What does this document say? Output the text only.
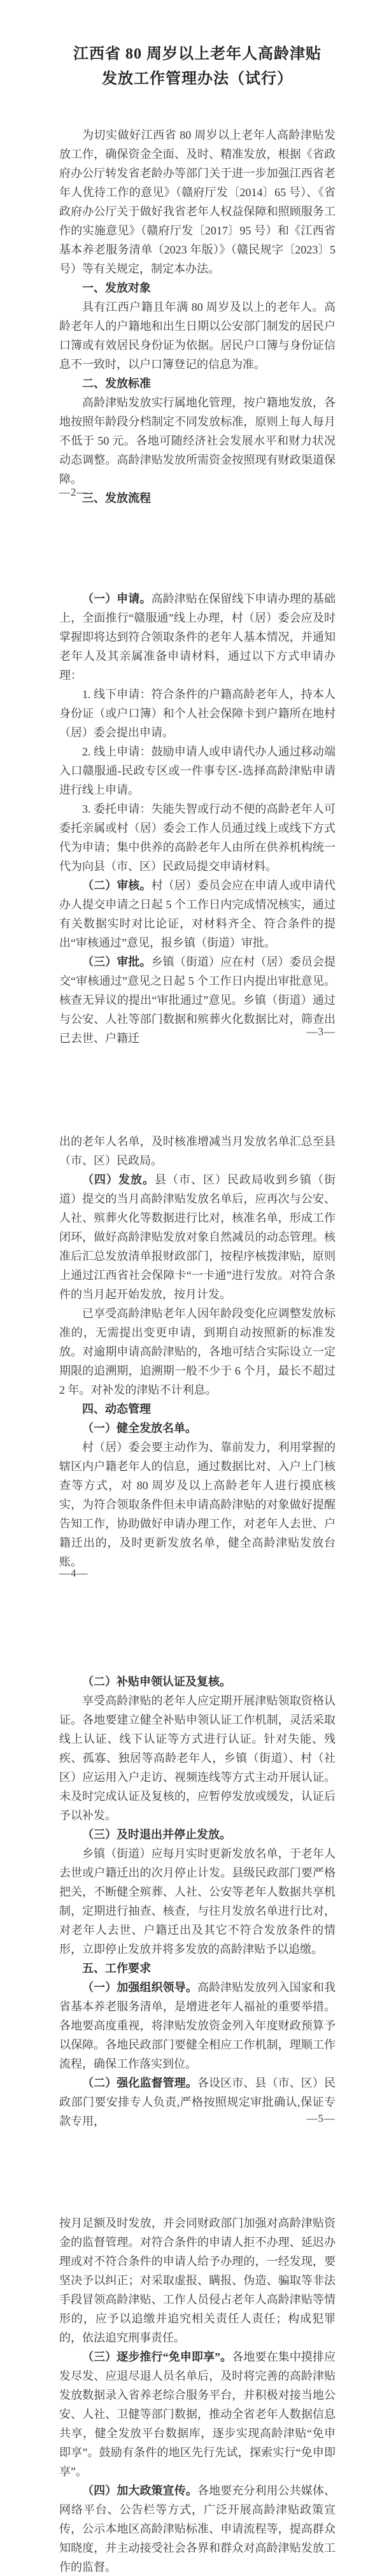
江西省 80 周岁以上老年人高龄津贴
发放工作管理办法（试行）

为切实做好江西省 80 周岁以上老年人高龄津贴发放工作，确保资金全面、及时、精准发放，根据《省政府办公厅转发省老龄办等部门关于进一步加强江西省老年人优待工作的意见》（赣府厅发〔2014〕65 号）、《省政府办公厅关于做好我省老年人权益保障和照顾服务工作的实施意见》（赣府厅发〔2017〕95 号）和《江西省基本养老服务清单（2023 年版）》（赣民规字〔2023〕5 号）等有关规定，制定本办法。

一、发放对象

具有江西户籍且年满 80 周岁及以上的老年人。高龄老年人的户籍地和出生日期以公安部门制发的居民户口簿或有效居民身份证为依据。居民户口簿与身份证信息不一致时，以户口簿登记的信息为准。

二、发放标准

高龄津贴发放实行属地化管理，按户籍地发放，各地按照年龄段分档制定不同发放标准，原则上每人每月不低于 50 元。各地可随经济社会发展水平和财力状况动态调整。高龄津贴发放所需资金按照现有财政渠道保障。

三、发放流程

—2—

（一）申请。高龄津贴在保留线下申请办理的基础上，全面推行“赣服通”线上办理，村（居）委会应及时掌握即将达到符合领取条件的老年人基本情况，并通知老年人及其亲属准备申请材料，通过以下方式申请办理：

1. 线下申请：符合条件的户籍高龄老年人，持本人身份证（或户口簿）和个人社会保障卡到户籍所在地村（居）委会提出申请。

2. 线上申请：鼓励申请人或申请代办人通过移动端入口赣服通-民政专区或一件事专区-选择高龄津贴申请进行线上申请。

3. 委托申请：失能失智或行动不便的高龄老年人可委托亲属或村（居）委会工作人员通过线上或线下方式代为申请；集中供养的高龄老年人由所在供养机构统一代为向县（市、区）民政局提交申请材料。

（二）审核。村（居）委员会应在申请人或申请代办人提交申请之日起 5 个工作日内完成情况核实，通过有关数据实时对比论证，对材料齐全、符合条件的提出“审核通过”意见，报乡镇（街道）审批。

（三）审批。乡镇（街道）应在村（居）委员会提交“审核通过”意见之日起 5 个工作日内提出审批意见。核查无异议的提出“审批通过”意见。乡镇（街道）通过与公安、人社等部门数据和殡葬火化数据比对，筛查出已去世、户籍迁

—3—

出的老年人名单，及时核准增减当月发放名单汇总至县（市、区）民政局。

（四）发放。县（市、区）民政局收到乡镇（街道）提交的当月高龄津贴发放名单后，应再次与公安、人社、殡葬火化等数据进行比对，核准名单，形成工作闭环，做好高龄津贴发放对象自然减员的动态管理。核准后汇总发放清单报财政部门，按程序核拨津贴，原则上通过江西省社会保障卡“一卡通”进行发放。对符合条件的当月起开始发放，按月计发。

已享受高龄津贴老年人因年龄段变化应调整发放标准的，无需提出变更申请，到期自动按照新的标准发放。对逾期申请高龄津贴的，各地可结合实际设立一定期限的追溯期，追溯期一般不少于 6 个月，最长不超过 2 年。对补发的津贴不计利息。

四、动态管理

（一）健全发放名单。

村（居）委会要主动作为、靠前发力，利用掌握的辖区内户籍老年人的信息，通过数据比对、入户上门核查等方式，对 80 周岁及以上高龄老年人进行摸底核实，为符合领取条件但未申请高龄津贴的对象做好提醒告知工作，协助做好申请办理工作，对老年人去世、户籍迁出的，及时更新发放名单，健全高龄津贴发放台账。

—4—

（二）补贴申领认证及复核。

享受高龄津贴的老年人应定期开展津贴领取资格认证。各地要建立健全补贴申领认证工作机制，灵活采取线上认证、线下认证等方式进行认证。针对失能、残疾、孤寡、独居等高龄老年人，乡镇（街道）、村（社区）应运用入户走访、视频连线等方式主动开展认证。未及时完成认证及复核的，应暂停发放或缓发，认证后予以补发。

（三）及时退出并停止发放。

乡镇（街道）应每月实时更新发放名单，于老年人去世或户籍迁出的次月停止计发。县级民政部门要严格把关，不断健全殡葬、人社、公安等老年人数据共享机制，定期进行抽查、核查，与往月发放名单进行比对，对老年人去世、户籍迁出及其它不符合发放条件的情形，立即停止发放并将多发放的高龄津贴予以追缴。

五、工作要求

（一）加强组织领导。高龄津贴发放列入国家和我省基本养老服务清单，是增进老年人福祉的重要举措。各地要高度重视，将津贴发放资金列入年度财政预算予以保障。各地民政部门要健全相应工作机制，理顺工作流程，确保工作落实到位。

（二）强化监督管理。各设区市、县（市、区）民政部门要安排专人负责,严格按照规定审批确认,保证专款专用，	—5—

按月足额及时发放，并会同财政部门加强对高龄津贴资金的监督管理。对符合条件的申请人拒不办理、延迟办理或对不符合条件的申请人给予办理的，一经发现，要坚决予以纠正；对采取虚报、瞒报、伪造、骗取等非法手段冒领高龄津贴、工作人员侵占老年人高龄津贴等情形的，应予以追缴并追究相关责任人责任；构成犯罪的，依法追究刑事责任。

（三）逐步推行“免申即享”。各地要在集中摸排应发尽发、应退尽退人员名单后，及时将完善的高龄津贴发放数据录入省养老综合服务平台，并积极对接当地公安、人社、卫健等部门数据，推动全省老年人数据信息共享，健全发放平台数据库，逐步实现高龄津贴“免申即享”。鼓励有条件的地区先行先试，探索实行“免申即享”。

（四）加大政策宣传。各地要充分利用公共媒体、网络平台、公告栏等方式，广泛开展高龄津贴政策宣传，公示本地区高龄津贴标准、申请流程等，提高群众知晓度，并主动接受社会各界和群众对高龄津贴发放工作的监督。
